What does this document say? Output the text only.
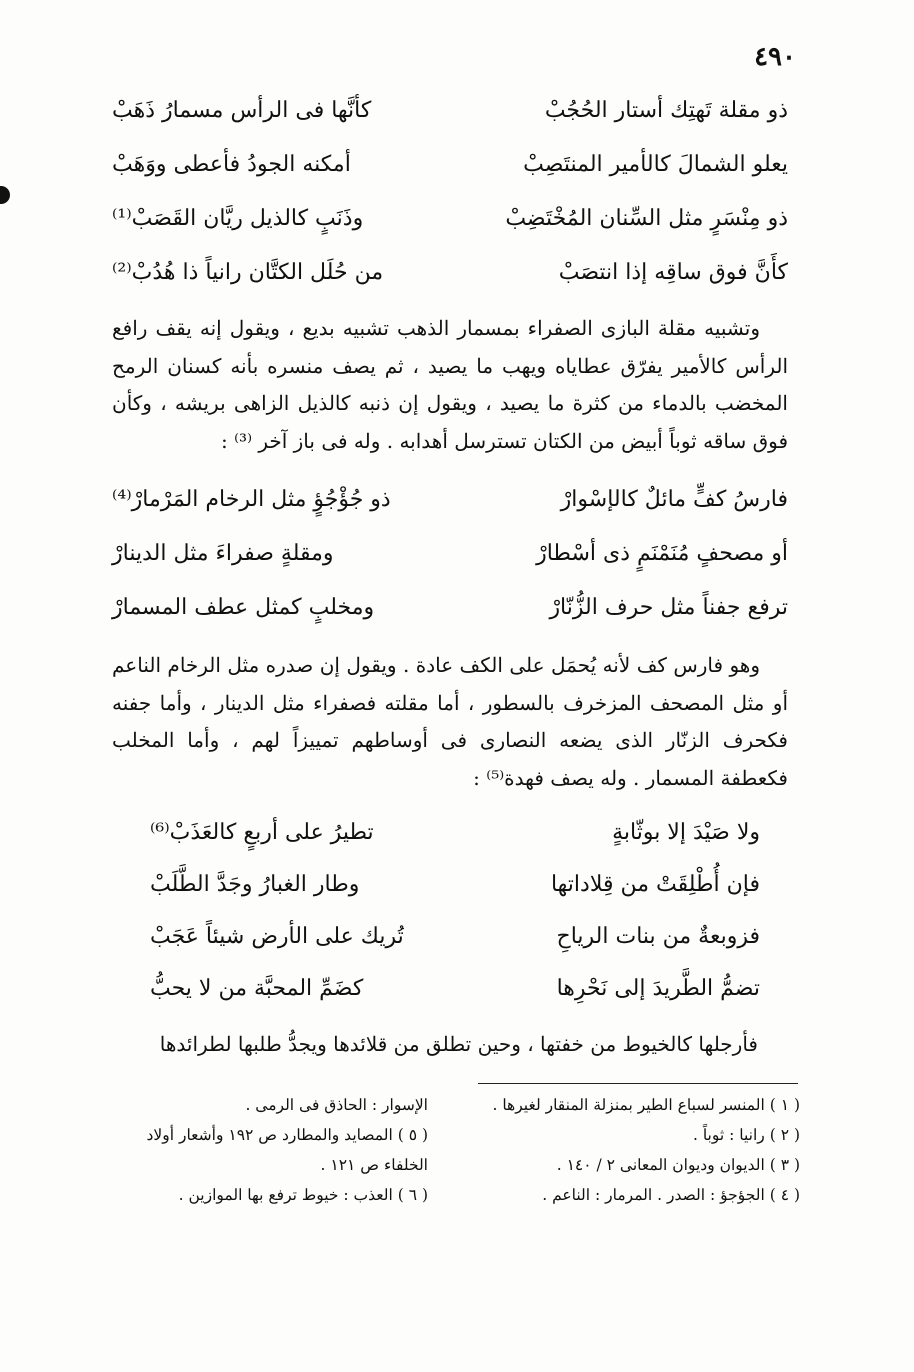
٤٩٠
ذو مقلة تَهتِك أستار الحُجُبْ
كأنَّها فى الرأس مسمارُ ذَهَبْ
يعلو الشمالَ كالأمير المنتَصِبْ
أمكنه الجودُ فأعطى ووَهَبْ
ذو مِنْسَرٍ مثل السِّنان المُخْتَضِبْ
وذَنَبٍ كالذيل ريَّان القَصَبْ⁽¹⁾
كأَنَّ فوق ساقِه إذا انتصَبْ
من حُلَل الكتَّان رانياً ذا هُدُبْ⁽²⁾

وتشبيه مقلة البازى الصفراء بمسمار الذهب تشبيه بديع ، ويقول إنه يقف رافع الرأس كالأمير يفرّق عطاياه ويهب ما يصيد ، ثم يصف منسره بأنه كسنان الرمح المخضب بالدماء من كثرة ما يصيد ، ويقول إن ذنبه كالذيل الزاهى بريشه ، وكأن فوق ساقه ثوباً أبيض من الكتان تسترسل أهدابه . وله فى باز آخر ⁽³⁾ :

فارسُ كفٍّ مائلٌ كالإسْوارْ
ذو جُؤْجُؤٍ مثل الرخام المَرْمارْ⁽⁴⁾
أو مصحفٍ مُنَمْنَمٍ ذى أسْطارْ
ومقلةٍ صفراءَ مثل الدينارْ
ترفع جفناً مثل حرف الزُّنّارْ
ومخلبٍ كمثل عطف المسمارْ

وهو فارس كف لأنه يُحمَل على الكف عادة . ويقول إن صدره مثل الرخام الناعم أو مثل المصحف المزخرف بالسطور ، أما مقلته فصفراء مثل الدينار ، وأما جفنه فكحرف الزنّار الذى يضعه النصارى فى أوساطهم تمييزاً لهم ، وأما المخلب فكعطفة المسمار . وله يصف فهدة⁽⁵⁾ :

ولا صَيْدَ إلا بوثّابةٍ
تطيرُ على أربعٍ كالعَذَبْ⁽⁶⁾
فإن أُطْلِقَتْ من قِلاداتها
وطار الغبارُ وجَدَّ الطَّلَبْ
فزوبعةٌ من بنات الرياحِ
تُريك على الأرض شيئاً عَجَبْ
تضمُّ الطَّريدَ إلى نَحْرِها
كضَمِّ المحبَّة من لا يحبُّ

فأرجلها كالخيوط من خفتها ، وحين تطلق من قلائدها ويجدُّ طلبها لطرائدها

( ١ ) المنسر لسباع الطير بمنزلة المنقار لغيرها .
( ٢ ) رانيا : ثوباً .
( ٣ ) الديوان وديوان المعانى ٢ / ١٤٠ .
( ٤ ) الجؤجؤ : الصدر . المرمار : الناعم .
الإسوار : الحاذق فى الرمى .
( ٥ ) المصايد والمطارد ص ١٩٢ وأشعار أولاد الخلفاء ص ١٢١ .
( ٦ ) العذب : خيوط ترفع بها الموازين .
